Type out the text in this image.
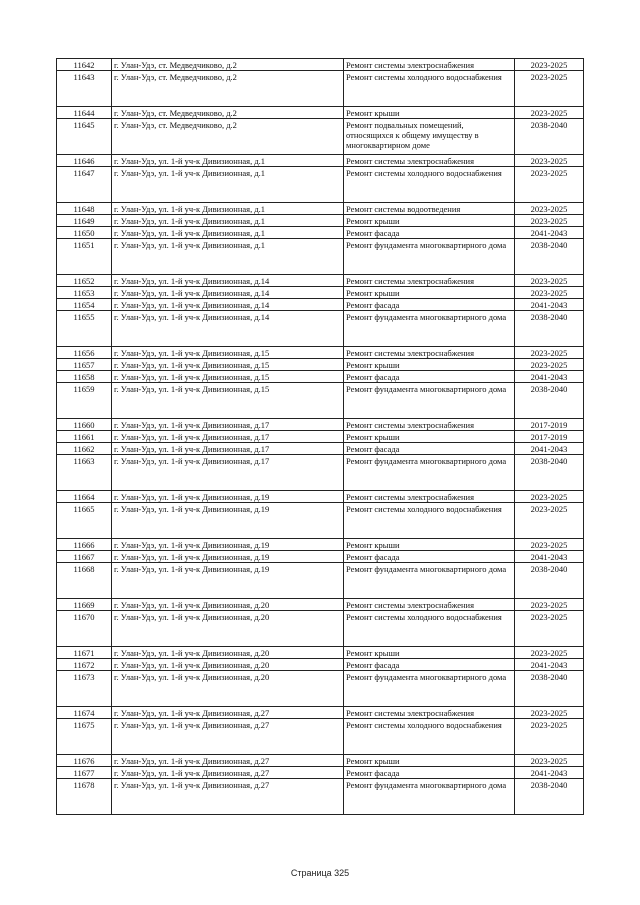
11642	г. Улан-Удэ, ст. Медведчиково, д.2	Ремонт системы электроснабжения	2023-2025
11643	г. Улан-Удэ, ст. Медведчиково, д.2	Ремонт системы холодного водоснабжения	2023-2025
11644	г. Улан-Удэ, ст. Медведчиково, д.2	Ремонт крыши	2023-2025
11645	г. Улан-Удэ, ст. Медведчиково, д.2	Ремонт подвальных помещений, относящихся к общему имуществу в многоквартирном доме	2038-2040
11646	г. Улан-Удэ, ул. 1-й уч-к Дивизионная, д.1	Ремонт системы электроснабжения	2023-2025
11647	г. Улан-Удэ, ул. 1-й уч-к Дивизионная, д.1	Ремонт системы холодного водоснабжения	2023-2025
11648	г. Улан-Удэ, ул. 1-й уч-к Дивизионная, д.1	Ремонт системы водоотведения	2023-2025
11649	г. Улан-Удэ, ул. 1-й уч-к Дивизионная, д.1	Ремонт крыши	2023-2025
11650	г. Улан-Удэ, ул. 1-й уч-к Дивизионная, д.1	Ремонт фасада	2041-2043
11651	г. Улан-Удэ, ул. 1-й уч-к Дивизионная, д.1	Ремонт фундамента многоквартирного дома	2038-2040
11652	г. Улан-Удэ, ул. 1-й уч-к Дивизионная, д.14	Ремонт системы электроснабжения	2023-2025
11653	г. Улан-Удэ, ул. 1-й уч-к Дивизионная, д.14	Ремонт крыши	2023-2025
11654	г. Улан-Удэ, ул. 1-й уч-к Дивизионная, д.14	Ремонт фасада	2041-2043
11655	г. Улан-Удэ, ул. 1-й уч-к Дивизионная, д.14	Ремонт фундамента многоквартирного дома	2038-2040
11656	г. Улан-Удэ, ул. 1-й уч-к Дивизионная, д.15	Ремонт системы электроснабжения	2023-2025
11657	г. Улан-Удэ, ул. 1-й уч-к Дивизионная, д.15	Ремонт крыши	2023-2025
11658	г. Улан-Удэ, ул. 1-й уч-к Дивизионная, д.15	Ремонт фасада	2041-2043
11659	г. Улан-Удэ, ул. 1-й уч-к Дивизионная, д.15	Ремонт фундамента многоквартирного дома	2038-2040
11660	г. Улан-Удэ, ул. 1-й уч-к Дивизионная, д.17	Ремонт системы электроснабжения	2017-2019
11661	г. Улан-Удэ, ул. 1-й уч-к Дивизионная, д.17	Ремонт крыши	2017-2019
11662	г. Улан-Удэ, ул. 1-й уч-к Дивизионная, д.17	Ремонт фасада	2041-2043
11663	г. Улан-Удэ, ул. 1-й уч-к Дивизионная, д.17	Ремонт фундамента многоквартирного дома	2038-2040
11664	г. Улан-Удэ, ул. 1-й уч-к Дивизионная, д.19	Ремонт системы электроснабжения	2023-2025
11665	г. Улан-Удэ, ул. 1-й уч-к Дивизионная, д.19	Ремонт системы холодного водоснабжения	2023-2025
11666	г. Улан-Удэ, ул. 1-й уч-к Дивизионная, д.19	Ремонт крыши	2023-2025
11667	г. Улан-Удэ, ул. 1-й уч-к Дивизионная, д.19	Ремонт фасада	2041-2043
11668	г. Улан-Удэ, ул. 1-й уч-к Дивизионная, д.19	Ремонт фундамента многоквартирного дома	2038-2040
11669	г. Улан-Удэ, ул. 1-й уч-к Дивизионная, д.20	Ремонт системы электроснабжения	2023-2025
11670	г. Улан-Удэ, ул. 1-й уч-к Дивизионная, д.20	Ремонт системы холодного водоснабжения	2023-2025
11671	г. Улан-Удэ, ул. 1-й уч-к Дивизионная, д.20	Ремонт крыши	2023-2025
11672	г. Улан-Удэ, ул. 1-й уч-к Дивизионная, д.20	Ремонт фасада	2041-2043
11673	г. Улан-Удэ, ул. 1-й уч-к Дивизионная, д.20	Ремонт фундамента многоквартирного дома	2038-2040
11674	г. Улан-Удэ, ул. 1-й уч-к Дивизионная, д.27	Ремонт системы электроснабжения	2023-2025
11675	г. Улан-Удэ, ул. 1-й уч-к Дивизионная, д.27	Ремонт системы холодного водоснабжения	2023-2025
11676	г. Улан-Удэ, ул. 1-й уч-к Дивизионная, д.27	Ремонт крыши	2023-2025
11677	г. Улан-Удэ, ул. 1-й уч-к Дивизионная, д.27	Ремонт фасада	2041-2043
11678	г. Улан-Удэ, ул. 1-й уч-к Дивизионная, д.27	Ремонт фундамента многоквартирного дома	2038-2040
Страница 325
